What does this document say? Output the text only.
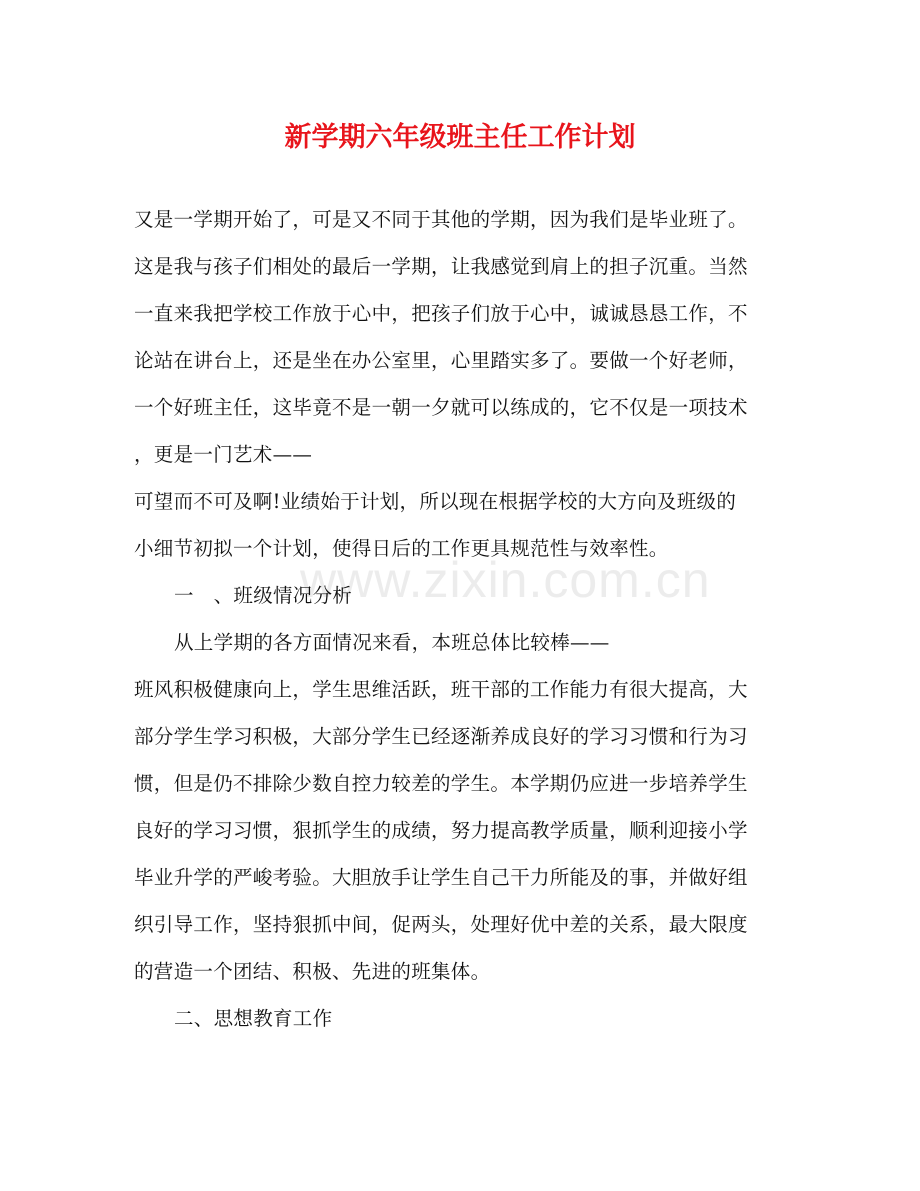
www.zixin.com.cn
新学期六年级班主任工作计划
又是一学期开始了，可是又不同于其他的学期，因为我们是毕业班了。
这是我与孩子们相处的最后一学期，让我感觉到肩上的担子沉重。当然
一直来我把学校工作放于心中，把孩子们放于心中，诚诚恳恳工作，不
论站在讲台上，还是坐在办公室里，心里踏实多了。要做一个好老师，
一个好班主任，这毕竟不是一朝一夕就可以练成的，它不仅是一项技术
，更是一门艺术——
可望而不可及啊!业绩始于计划，所以现在根据学校的大方向及班级的
小细节初拟一个计划，使得日后的工作更具规范性与效率性。
一　、班级情况分析
从上学期的各方面情况来看，本班总体比较棒——
班风积极健康向上，学生思维活跃，班干部的工作能力有很大提高，大
部分学生学习积极，大部分学生已经逐渐养成良好的学习习惯和行为习
惯，但是仍不排除少数自控力较差的学生。本学期仍应进一步培养学生
良好的学习习惯，狠抓学生的成绩，努力提高教学质量，顺利迎接小学
毕业升学的严峻考验。大胆放手让学生自己干力所能及的事，并做好组
织引导工作，坚持狠抓中间，促两头，处理好优中差的关系，最大限度
的营造一个团结、积极、先进的班集体。
二、思想教育工作
